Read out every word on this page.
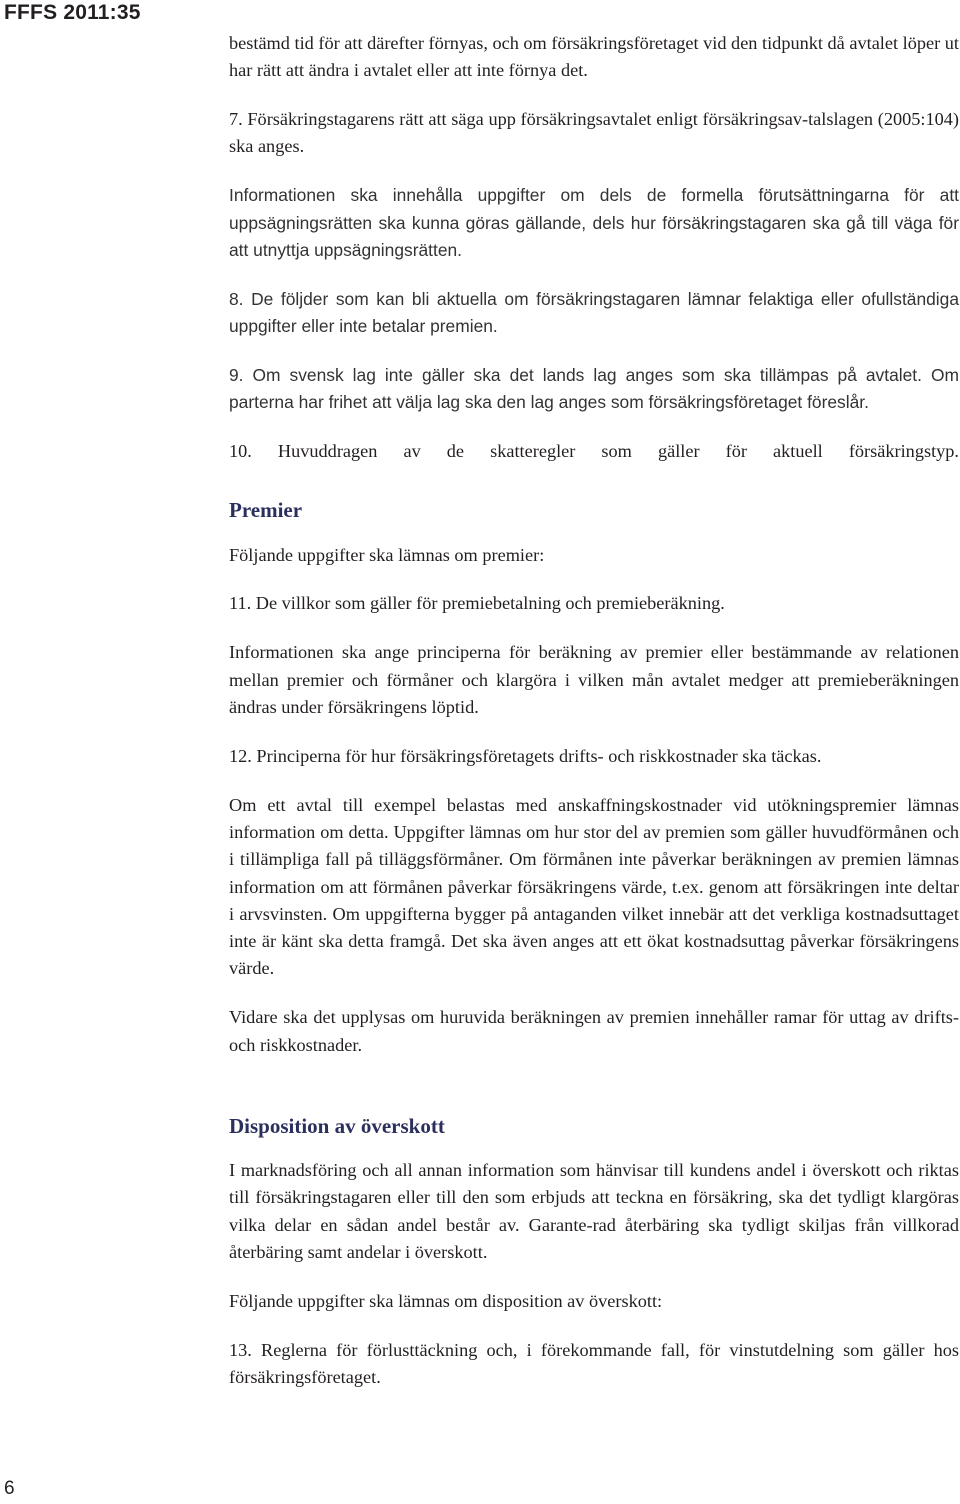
FFFS 2011:35

bestämd tid för att därefter förnyas, och om försäkringsföretaget vid den tidpunkt då avtalet löper ut har rätt att ändra i avtalet eller att inte förnya det.

7. Försäkringstagarens rätt att säga upp försäkringsavtalet enligt försäkringsav-talslagen (2005:104) ska anges.

Informationen ska innehålla uppgifter om dels de formella förutsättningarna för att uppsägningsrätten ska kunna göras gällande, dels hur försäkringstagaren ska gå till väga för att utnyttja uppsägningsrätten.

8. De följder som kan bli aktuella om försäkringstagaren lämnar felaktiga eller ofullständiga uppgifter eller inte betalar premien.

9. Om svensk lag inte gäller ska det lands lag anges som ska tillämpas på avtalet. Om parterna har frihet att välja lag ska den lag anges som försäkringsföretaget föreslår.

10. Huvuddragen av de skatteregler som gäller för aktuell försäkringstyp.

Premier

Följande uppgifter ska lämnas om premier:

11. De villkor som gäller för premiebetalning och premieberäkning.

Informationen ska ange principerna för beräkning av premier eller bestämmande av relationen mellan premier och förmåner och klargöra i vilken mån avtalet medger att premieberäkningen ändras under försäkringens löptid.

12. Principerna för hur försäkringsföretagets drifts- och riskkostnader ska täckas.

Om ett avtal till exempel belastas med anskaffningskostnader vid utökningspremier lämnas information om detta. Uppgifter lämnas om hur stor del av premien som gäller huvudförmånen och i tillämpliga fall på tilläggsförmåner. Om förmånen inte påverkar beräkningen av premien lämnas information om att förmånen påverkar försäkringens värde, t.ex. genom att försäkringen inte deltar i arvsvinsten. Om uppgifterna bygger på antaganden vilket innebär att det verkliga kostnadsuttaget inte är känt ska detta framgå. Det ska även anges att ett ökat kostnadsuttag påverkar försäkringens värde.

Vidare ska det upplysas om huruvida beräkningen av premien innehåller ramar för uttag av drifts- och riskkostnader.

Disposition av överskott

I marknadsföring och all annan information som hänvisar till kundens andel i överskott och riktas till försäkringstagaren eller till den som erbjuds att teckna en försäkring, ska det tydligt klargöras vilka delar en sådan andel består av. Garante-rad återbäring ska tydligt skiljas från villkorad återbäring samt andelar i överskott.

Följande uppgifter ska lämnas om disposition av överskott:

13. Reglerna för förlusttäckning och, i förekommande fall, för vinstutdelning som gäller hos försäkringsföretaget.

6
